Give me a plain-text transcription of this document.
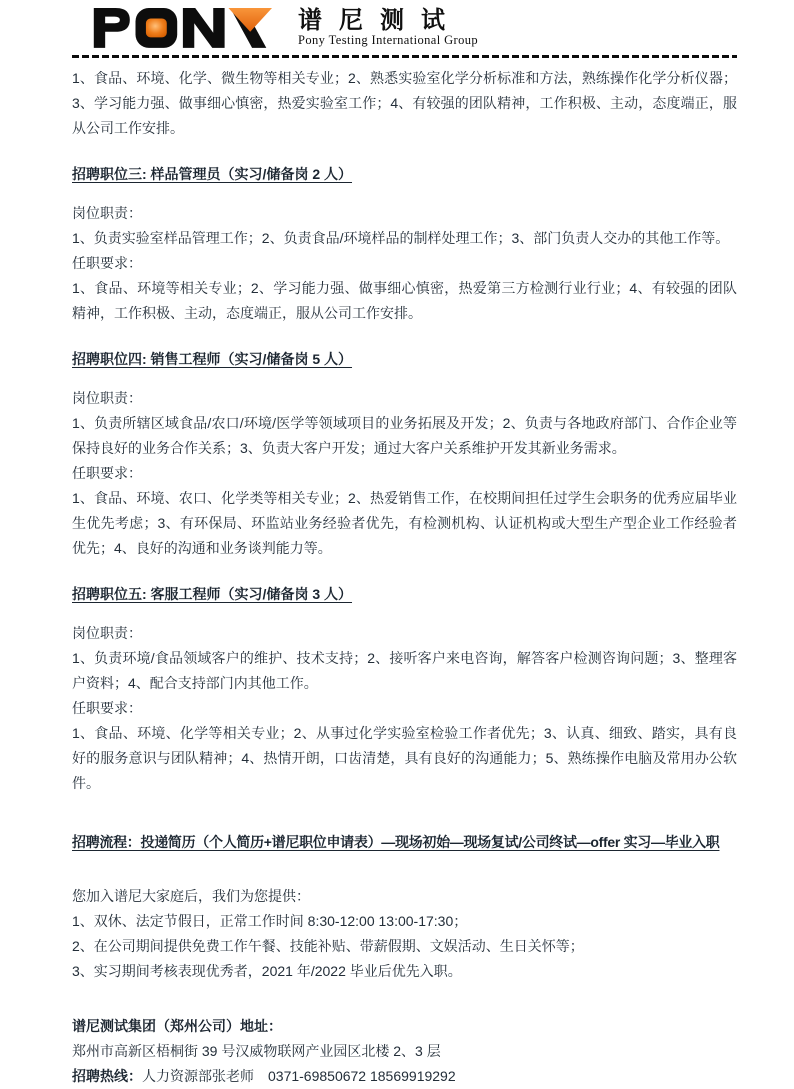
谱尼测试
Pony Testing International Group

1、食品、环境、化学、微生物等相关专业；2、熟悉实验室化学分析标准和方法，熟练操作化学分析仪器；3、学习能力强、做事细心慎密，热爱实验室工作；4、有较强的团队精神，工作积极、主动，态度端正，服从公司工作安排。

招聘职位三: 样品管理员（实习/储备岗 2 人）

岗位职责：

1、负责实验室样品管理工作；2、负责食品/环境样品的制样处理工作；3、部门负责人交办的其他工作等。

任职要求：

1、食品、环境等相关专业；2、学习能力强、做事细心慎密，热爱第三方检测行业行业；4、有较强的团队精神，工作积极、主动，态度端正，服从公司工作安排。

招聘职位四: 销售工程师（实习/储备岗 5 人）

岗位职责：

1、负责所辖区域食品/农口/环境/医学等领域项目的业务拓展及开发；2、负责与各地政府部门、合作企业等保持良好的业务合作关系；3、负责大客户开发；通过大客户关系维护开发其新业务需求。

任职要求：

1、食品、环境、农口、化学类等相关专业；2、热爱销售工作，在校期间担任过学生会职务的优秀应届毕业生优先考虑；3、有环保局、环监站业务经验者优先，有检测机构、认证机构或大型生产型企业工作经验者优先；4、良好的沟通和业务谈判能力等。

招聘职位五: 客服工程师（实习/储备岗 3 人）

岗位职责：

1、负责环境/食品领域客户的维护、技术支持；2、接听客户来电咨询，解答客户检测咨询问题；3、整理客户资料；4、配合支持部门内其他工作。

任职要求：

1、食品、环境、化学等相关专业；2、从事过化学实验室检验工作者优先；3、认真、细致、踏实，具有良好的服务意识与团队精神；4、热情开朗，口齿清楚，具有良好的沟通能力；5、熟练操作电脑及常用办公软件。

招聘流程：投递简历（个人简历+谱尼职位申请表）—现场初始—现场复试/公司终试—offer 实习—毕业入职

您加入谱尼大家庭后，我们为您提供：

1、双休、法定节假日，正常工作时间 8:30-12:00 13:00-17:30；

2、在公司期间提供免费工作午餐、技能补贴、带薪假期、文娱活动、生日关怀等；

3、实习期间考核表现优秀者，2021 年/2022 毕业后优先入职。

谱尼测试集团（郑州公司）地址：

郑州市高新区梧桐街 39 号汉威物联网产业园区北楼 2、3 层

招聘热线：人力资源部张老师　0371-69850672 18569919292
